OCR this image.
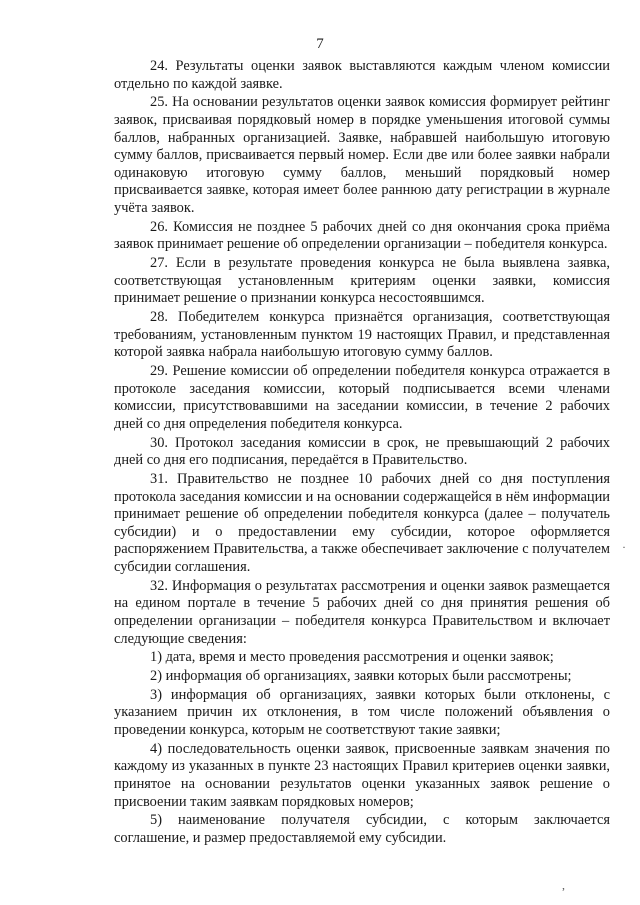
7

24. Результаты оценки заявок выставляются каждым членом комиссии отдельно по каждой заявке.

25. На основании результатов оценки заявок комиссия формирует рейтинг заявок, присваивая порядковый номер в порядке уменьшения итоговой суммы баллов, набранных организацией. Заявке, набравшей наибольшую итоговую сумму баллов, присваивается первый номер. Если две или более заявки набрали одинаковую итоговую сумму баллов, меньший порядковый номер присваивается заявке, которая имеет более раннюю дату регистрации в журнале учёта заявок.

26. Комиссия не позднее 5 рабочих дней со дня окончания срока приёма заявок принимает решение об определении организации – победителя конкурса.

27. Если в результате проведения конкурса не была выявлена заявка, соответствующая установленным критериям оценки заявки, комиссия принимает решение о признании конкурса несостоявшимся.

28. Победителем конкурса признаётся организация, соответствующая требованиям, установленным пунктом 19 настоящих Правил, и представленная которой заявка набрала наибольшую итоговую сумму баллов.

29. Решение комиссии об определении победителя конкурса отражается в протоколе заседания комиссии, который подписывается всеми членами комиссии, присутствовавшими на заседании комиссии, в течение 2 рабочих дней со дня определения победителя конкурса.

30. Протокол заседания комиссии в срок, не превышающий 2 рабочих дней со дня его подписания, передаётся в Правительство.

31. Правительство не позднее 10 рабочих дней со дня поступления протокола заседания комиссии и на основании содержащейся в нём информации принимает решение об определении победителя конкурса (далее – получатель субсидии) и о предоставлении ему субсидии, которое оформляется распоряжением Правительства, а также обеспечивает заключение с получателем субсидии соглашения.

32. Информация о результатах рассмотрения и оценки заявок размещается на едином портале в течение 5 рабочих дней со дня принятия решения об определении организации – победителя конкурса Правительством и включает следующие сведения:

1) дата, время и место проведения рассмотрения и оценки заявок;

2) информация об организациях, заявки которых были рассмотрены;

3) информация об организациях, заявки которых были отклонены, с указанием причин их отклонения, в том числе положений объявления о проведении конкурса, которым не соответствуют такие заявки;

4) последовательность оценки заявок, присвоенные заявкам значения по каждому из указанных в пункте 23 настоящих Правил критериев оценки заявки, принятое на основании результатов оценки указанных заявок решение о присвоении таким заявкам порядковых номеров;

5) наименование получателя субсидии, с которым заключается соглашение, и размер предоставляемой ему субсидии.

·
,
